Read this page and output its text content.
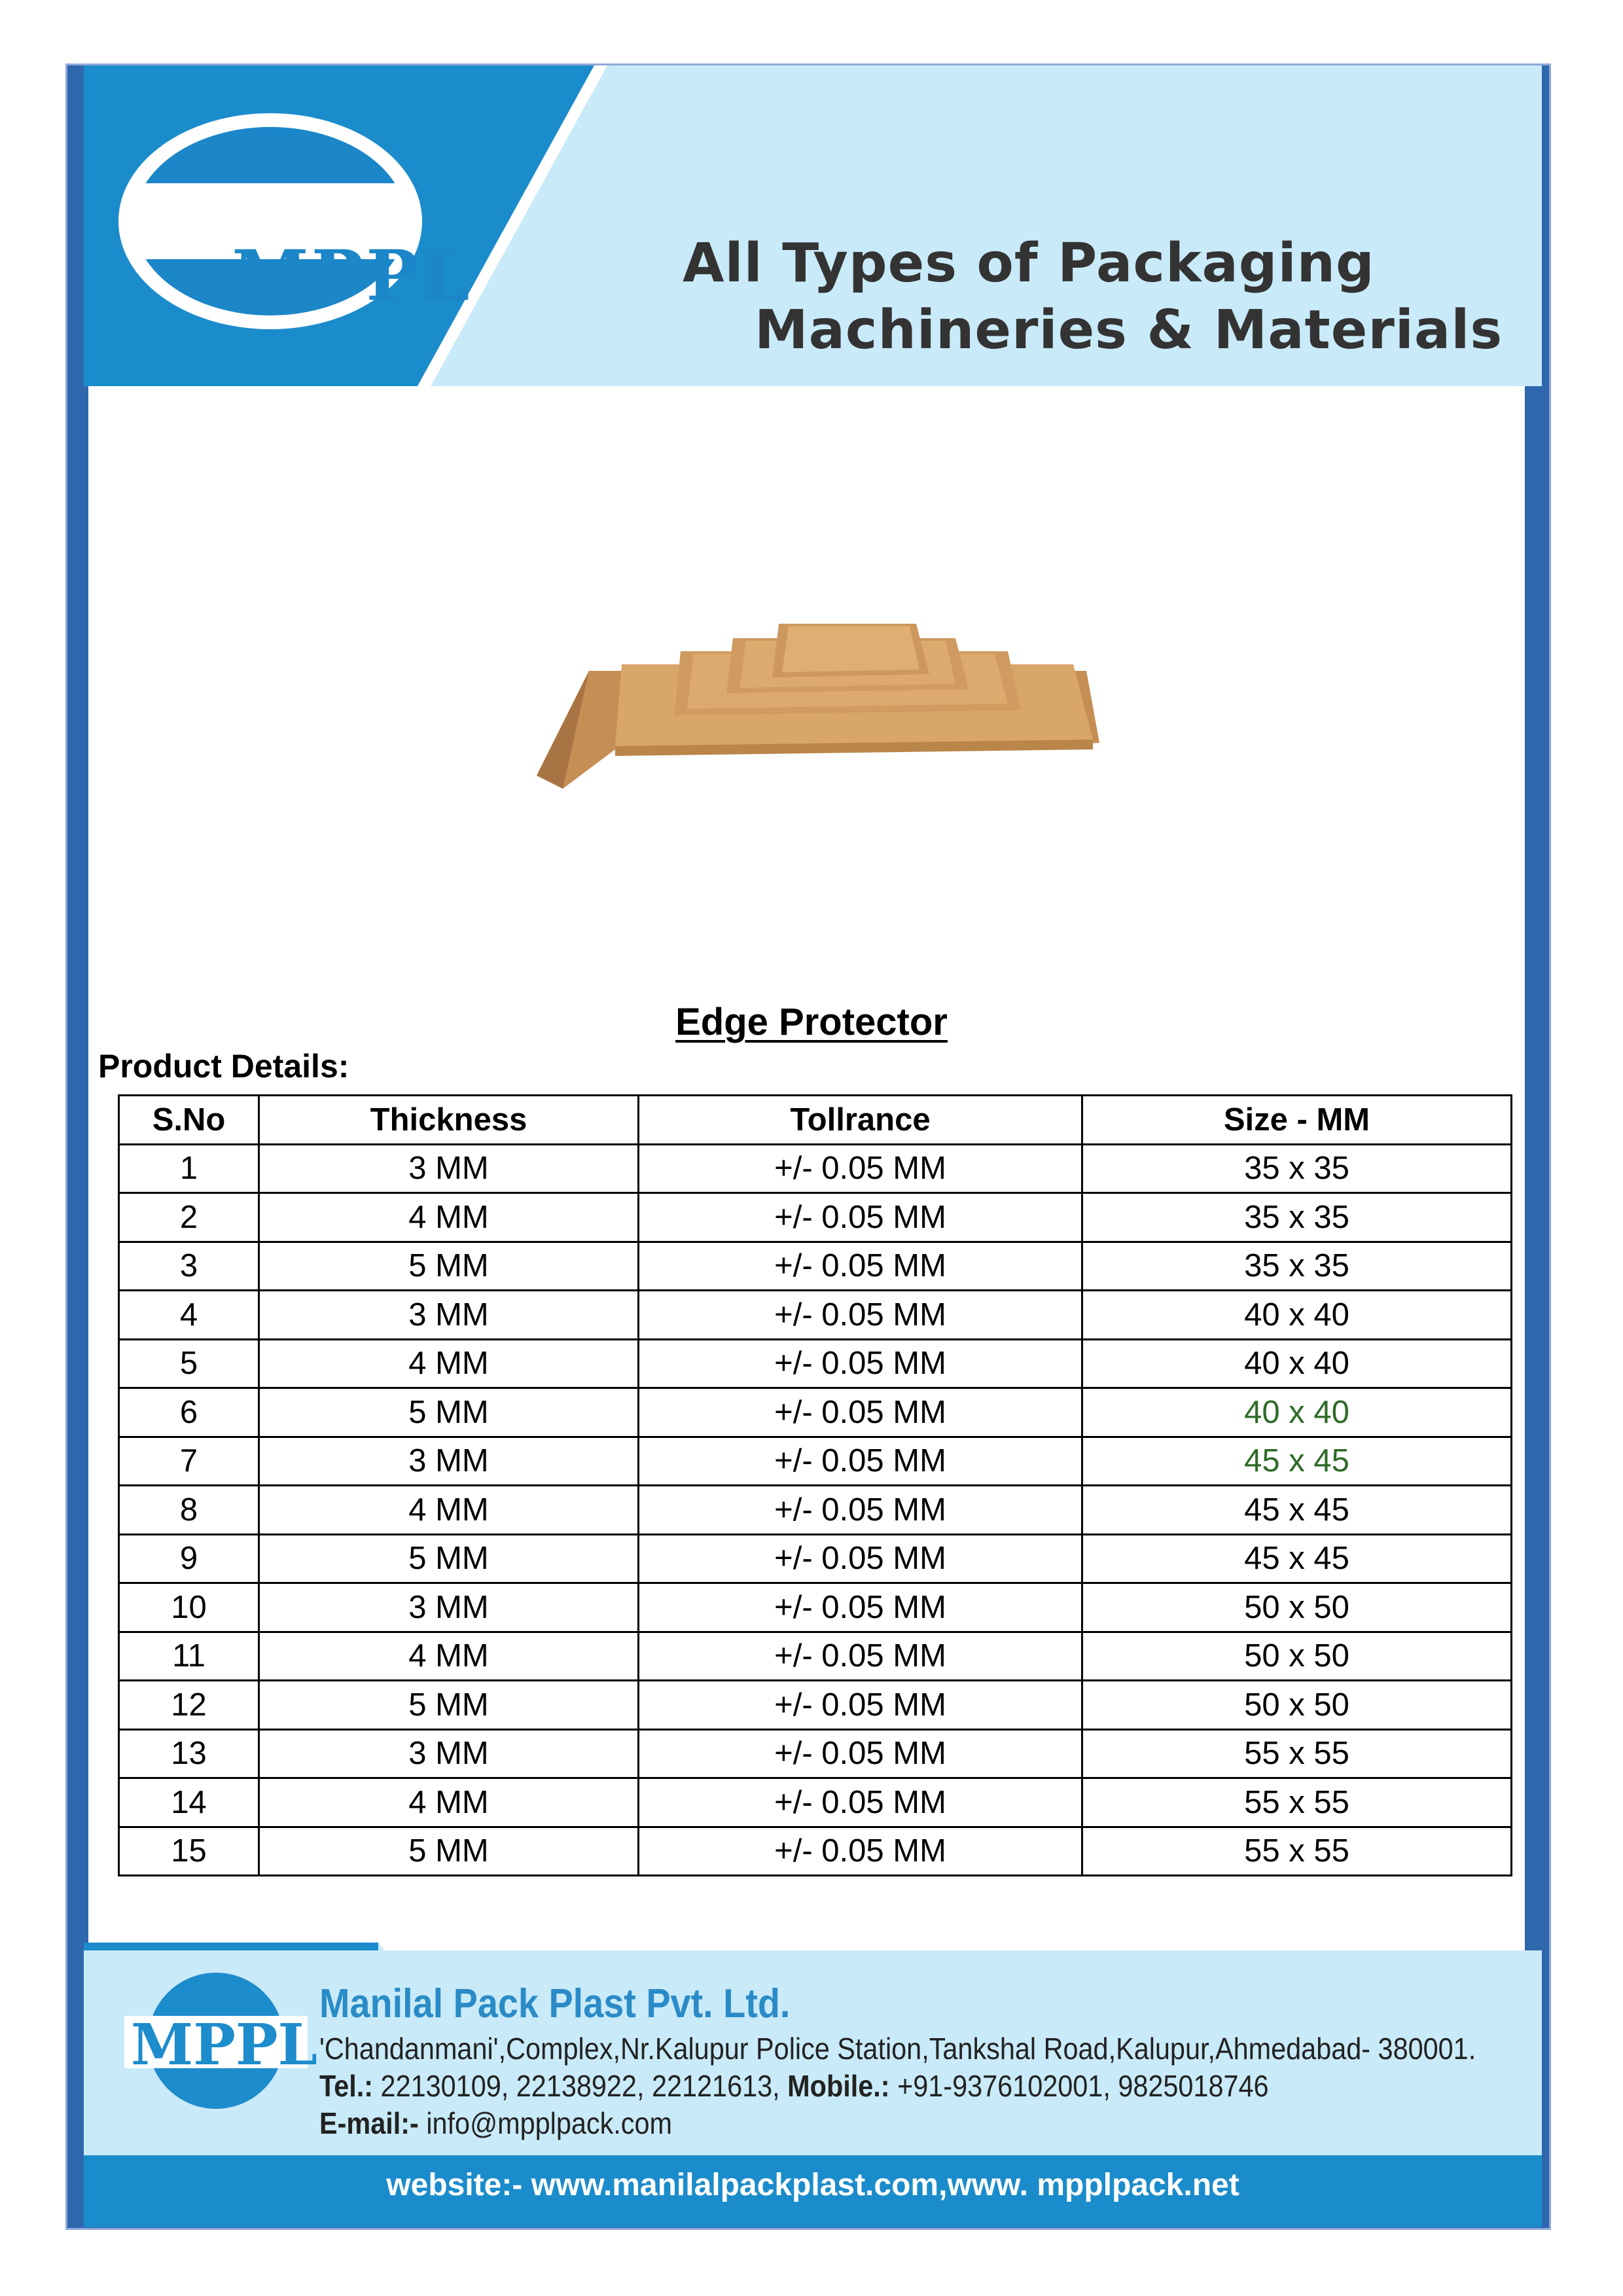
MPPL	All Types of Packaging
Machineries & Materials
Edge Protector
Product Details:
S.No	Thickness	Tollrance	Size - MM
1	3 MM	+/- 0.05 MM	35 x 35
2	4 MM	+/- 0.05 MM	35 x 35
3	5 MM	+/- 0.05 MM	35 x 35
4	3 MM	+/- 0.05 MM	40 x 40
5	4 MM	+/- 0.05 MM	40 x 40
6	5 MM	+/- 0.05 MM	40 x 40
7	3 MM	+/- 0.05 MM	45 x 45
8	4 MM	+/- 0.05 MM	45 x 45
9	5 MM	+/- 0.05 MM	45 x 45
10	3 MM	+/- 0.05 MM	50 x 50
11	4 MM	+/- 0.05 MM	50 x 50
12	5 MM	+/- 0.05 MM	50 x 50
13	3 MM	+/- 0.05 MM	55 x 55
14	4 MM	+/- 0.05 MM	55 x 55
15	5 MM	+/- 0.05 MM	55 x 55
MPPL
Manilal Pack Plast Pvt. Ltd.
'Chandanmani',Complex,Nr.Kalupur Police Station,Tankshal Road,Kalupur,Ahmedabad- 380001.
Tel.: 22130109, 22138922, 22121613, Mobile.: +91-9376102001, 9825018746
E-mail:- info@mpplpack.com
website:- www.manilalpackplast.com,www. mpplpack.net
